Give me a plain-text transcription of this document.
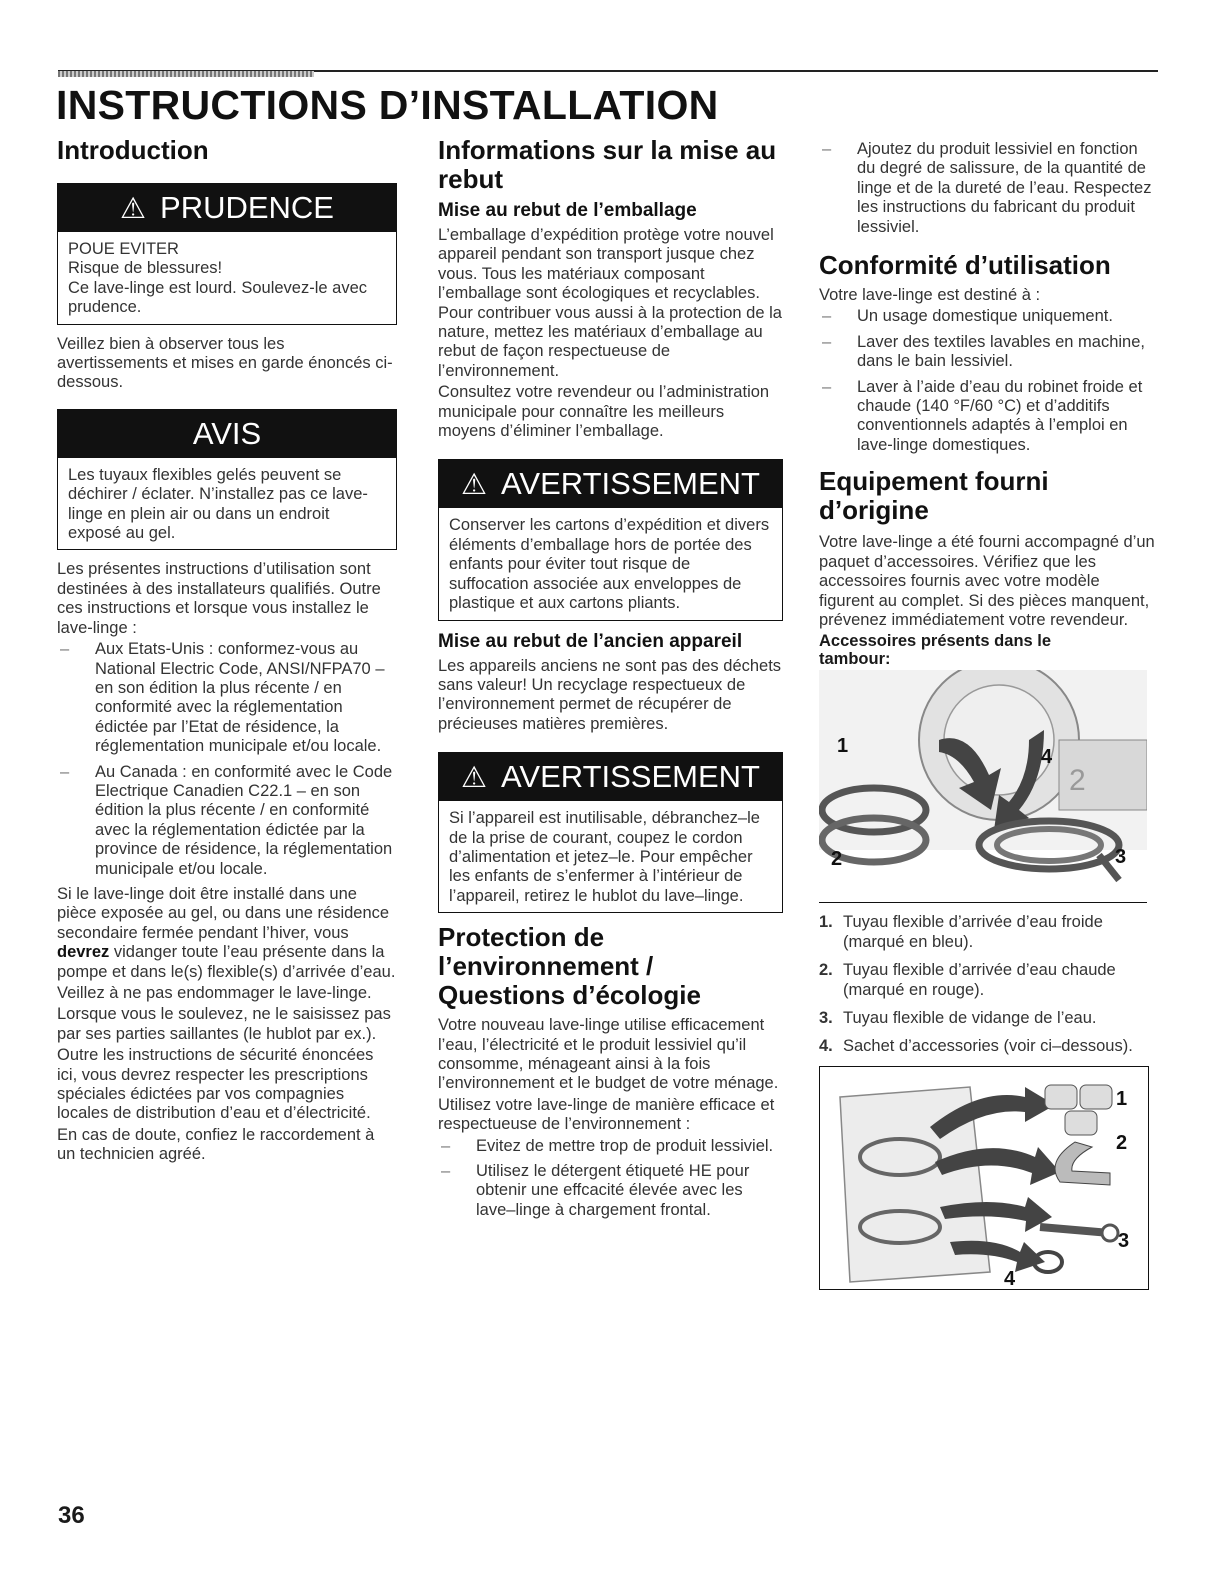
INSTRUCTIONS D’INSTALLATION
Introduction
⚠ PRUDENCE

POUE EVITER

Risque de blessures!

Ce lave-linge est lourd. Soulevez-le avec prudence.

Veillez bien à observer tous les avertissements et mises en garde énoncés ci-dessous.

AVIS

Les tuyaux flexibles gelés peuvent se déchirer / éclater. N’installez pas ce lave-linge en plein air ou dans un endroit exposé au gel.

Les présentes instructions d’utilisation sont destinées à des installateurs qualifiés. Outre ces instructions et lorsque vous installez le lave-linge :

– Aux Etats-Unis : conformez-vous au National Electric Code, ANSI/NFPA70 – en son édition la plus récente / en conformité avec la réglementation édictée par l’Etat de résidence, la réglementation municipale et/ou locale.
– Au Canada : en conformité avec le Code Electrique Canadien C22.1 – en son édition la plus récente / en conformité avec la réglementation édictée par la province de résidence, la réglementation municipale et/ou locale.

Si le lave-linge doit être installé dans une pièce exposée au gel, ou dans une résidence secondaire fermée pendant l’hiver, vous devrez vidanger toute l’eau présente dans la pompe et dans le(s) flexible(s) d’arrivée d’eau.

Veillez à ne pas endommager le lave-linge.

Lorsque vous le soulevez, ne le saisissez pas par ses parties saillantes (le hublot par ex.).

Outre les instructions de sécurité énoncées ici, vous devrez respecter les prescriptions spéciales édictées par vos compagnies locales de distribution d’eau et d’électricité.

En cas de doute, confiez le raccordement à un technicien agréé.

Informations sur la mise au rebut
Mise au rebut de l’emballage

L’emballage d’expédition protège votre nouvel appareil pendant son transport jusque chez vous. Tous les matériaux composant l’emballage sont écologiques et recyclables. Pour contribuer vous aussi à la protection de la nature, mettez les matériaux d’emballage au rebut de façon respectueuse de l’environnement.

Consultez votre revendeur ou l’administration municipale pour connaître les meilleurs moyens d’éliminer l’emballage.

⚠ AVERTISSEMENT

Conserver les cartons d’expédition et divers éléments d’emballage hors de portée des enfants pour éviter tout risque de suffocation associée aux enveloppes de plastique et aux cartons pliants.

Mise au rebut de l’ancien appareil

Les appareils anciens ne sont pas des déchets sans valeur! Un recyclage respectueux de l’environnement permet de récupérer de précieuses matières premières.

⚠ AVERTISSEMENT

Si l’appareil est inutilisable, débranchez–le de la prise de courant, coupez le cordon d’alimentation et jetez–le. Pour empêcher les enfants de s’enfermer à l’intérieur de l’appareil, retirez le hublot du lave–linge.

Protection de l’environnement / Questions d’écologie

Votre nouveau lave-linge utilise efficacement l’eau, l’électricité et le produit lessiviel qu’il consomme, ménageant ainsi à la fois l’environnement et le budget de votre ménage.

Utilisez votre lave-linge de manière efficace et respectueuse de l’environnement :

– Evitez de mettre trop de produit lessiviel.
– Utilisez le détergent étiqueté HE pour obtenir une effcacité élevée avec les lave–linge à chargement frontal.
– Ajoutez du produit lessiviel en fonction du degré de salissure, de la quantité de linge et de la dureté de l’eau. Respectez les instructions du fabricant du produit lessiviel.
Conformité d’utilisation

Votre lave-linge est destiné à :

– Un usage domestique uniquement.
– Laver des textiles lavables en machine, dans le bain lessiviel.
– Laver à l’aide d’eau du robinet froide et chaude (140 °F/60 °C) et d’additifs conventionnels adaptés à l’emploi en lave-linge domestiques.
Equipement fourni d’origine

Votre lave-linge a été fourni accompagné d’un paquet d’accessoires. Vérifiez que les accessoires fournis avec votre modèle figurent au complet. Si des pièces manquent, prévenez immédiatement votre revendeur.

Accessoires présents dans le tambour:
2
1
2	3
4
1. Tuyau flexible d’arrivée d’eau froide (marqué en bleu).
2. Tuyau flexible d’arrivée d’eau chaude (marqué en rouge).
3. Tuyau flexible de vidange de l’eau.
4. Sachet d’accessories (voir ci–dessous).
1
2
3
4
36
